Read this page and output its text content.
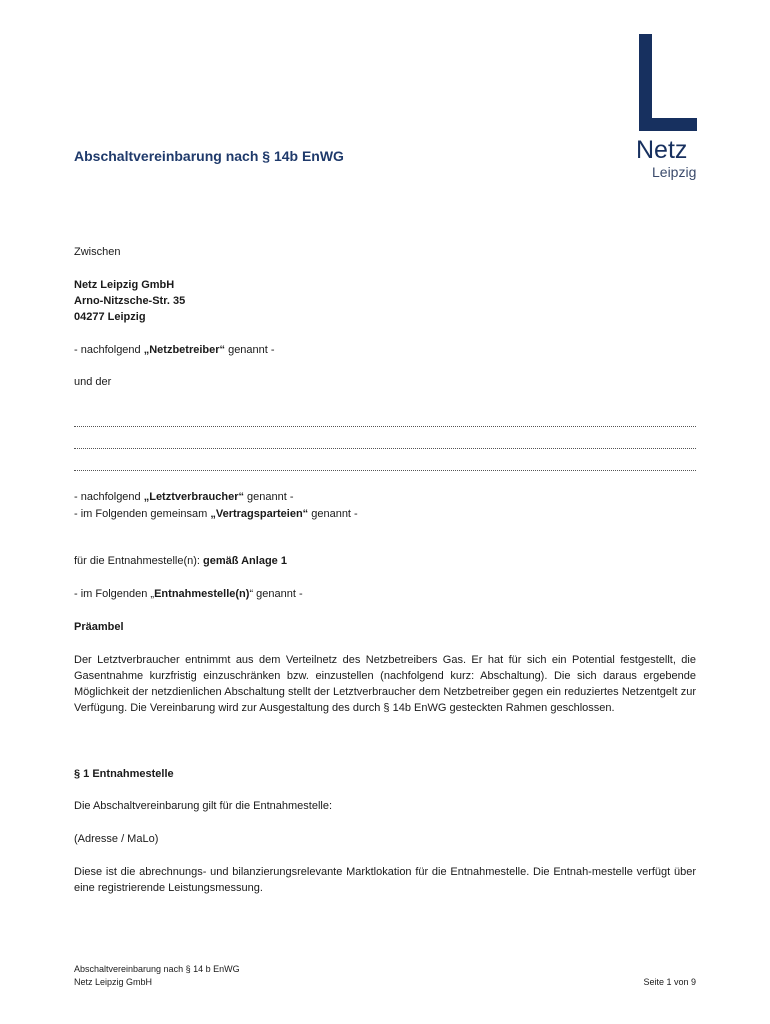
Abschaltvereinbarung nach § 14b EnWG	Netz
Leipzig
Zwischen
Netz Leipzig GmbH
Arno-Nitzsche-Str. 35
04277 Leipzig
- nachfolgend „Netzbetreiber“ genannt -
und der
- nachfolgend „Letztverbraucher“ genannt -
- im Folgenden gemeinsam „Vertragsparteien“ genannt -
für die Entnahmestelle(n): gemäß Anlage 1
- im Folgenden „Entnahmestelle(n)“ genannt -
Präambel
Der Letztverbraucher entnimmt aus dem Verteilnetz des Netzbetreibers Gas. Er hat für sich ein Potential festgestellt, die Gasentnahme kurzfristig einzuschränken bzw. einzustellen (nachfolgend kurz: Abschaltung). Die sich daraus ergebende Möglichkeit der netzdienlichen Abschaltung stellt der Letztverbraucher dem Netzbetreiber gegen ein reduziertes Netzentgelt zur Verfügung. Die Vereinbarung wird zur Ausgestaltung des durch § 14b EnWG gesteckten Rahmen geschlossen.
§ 1 Entnahmestelle
Die Abschaltvereinbarung gilt für die Entnahmestelle:
(Adresse / MaLo)
Diese ist die abrechnungs- und bilanzierungsrelevante Marktlokation für die Entnahmestelle. Die Entnah-mestelle verfügt über eine registrierende Leistungsmessung.
Abschaltvereinbarung nach § 14 b EnWG
Netz Leipzig GmbH	Seite 1 von 9
